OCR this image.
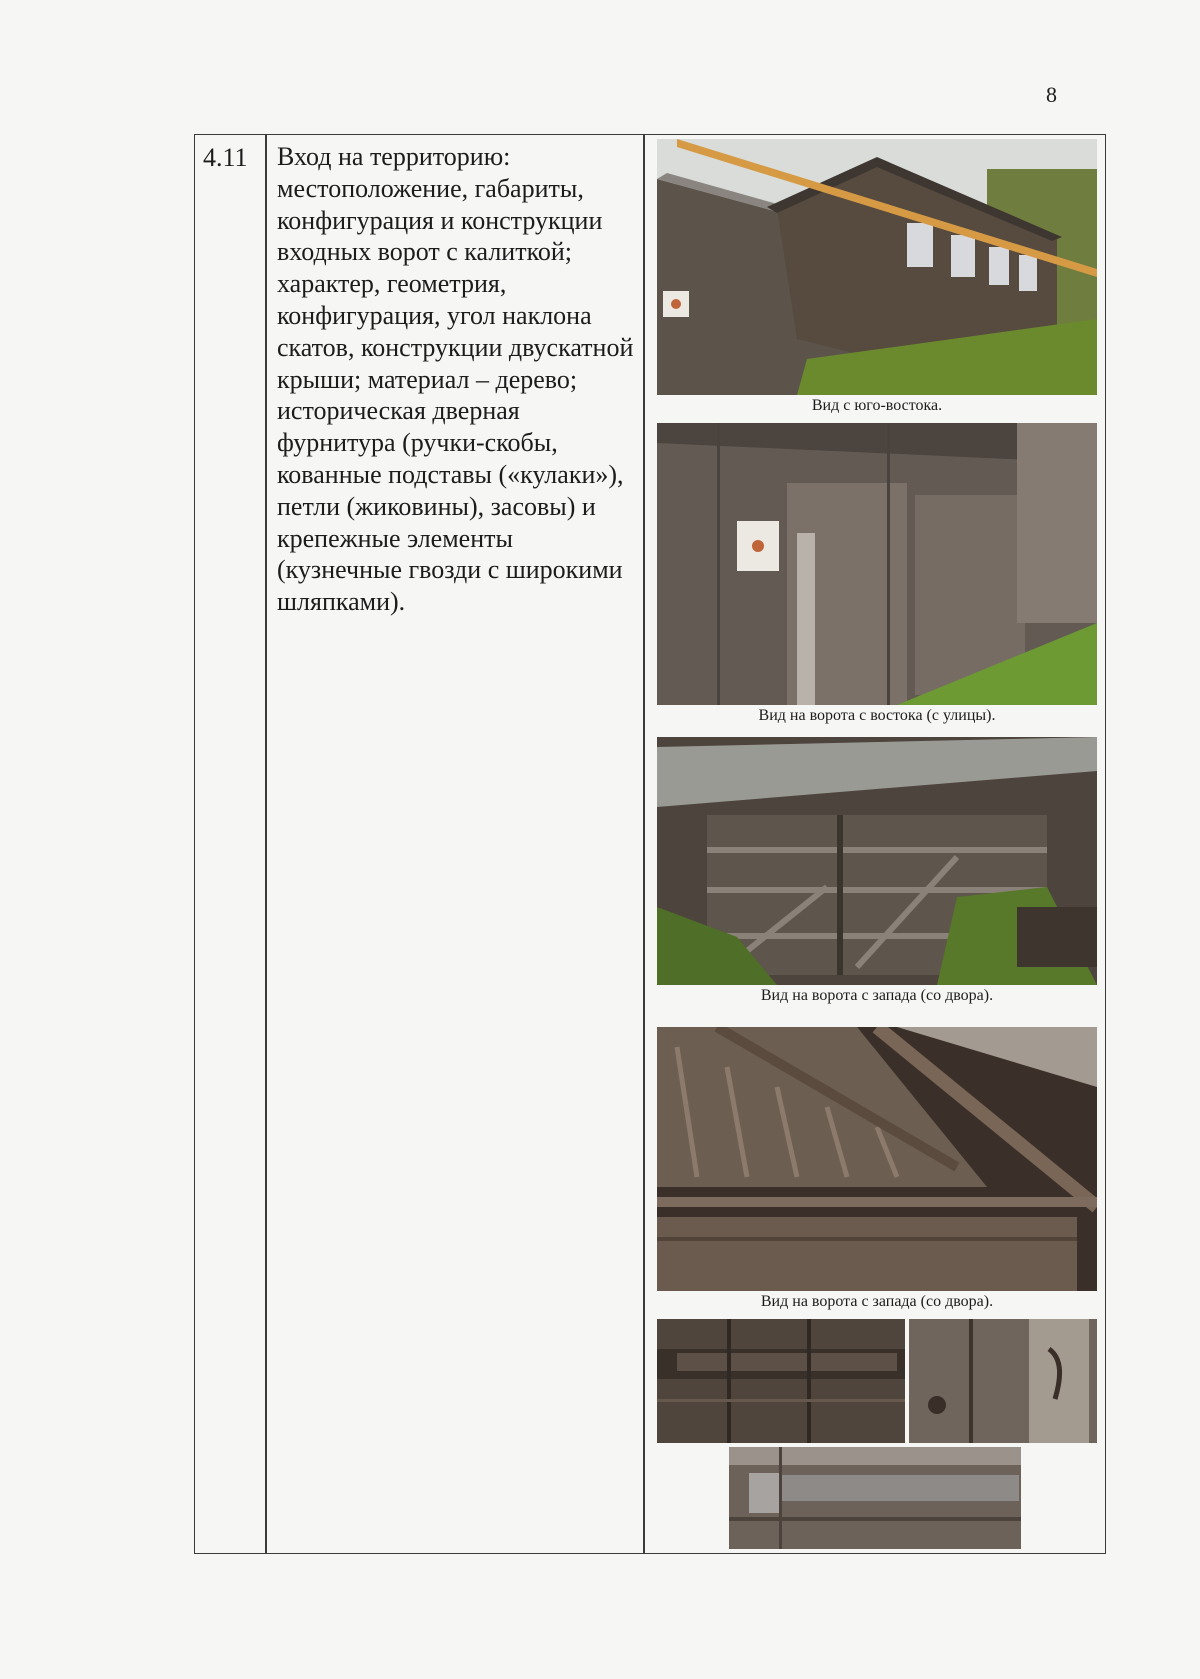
8
4.11 Вход на территорию: местоположение, габариты, конфигурация и конструкции входных ворот с калиткой; характер, геометрия, конфигурация, угол наклона скатов, конструкции двускатной крыши; материал – дерево; историческая дверная фурнитура (ручки-скобы, кованные подставы («кулаки»), петли (жиковины), засовы) и крепежные элементы (кузнечные гвозди с широкими шляпками).
Вид с юго-востока.
Вид на ворота с востока (с улицы).
Вид на ворота с запада (со двора).
Вид на ворота с запада (со двора).
